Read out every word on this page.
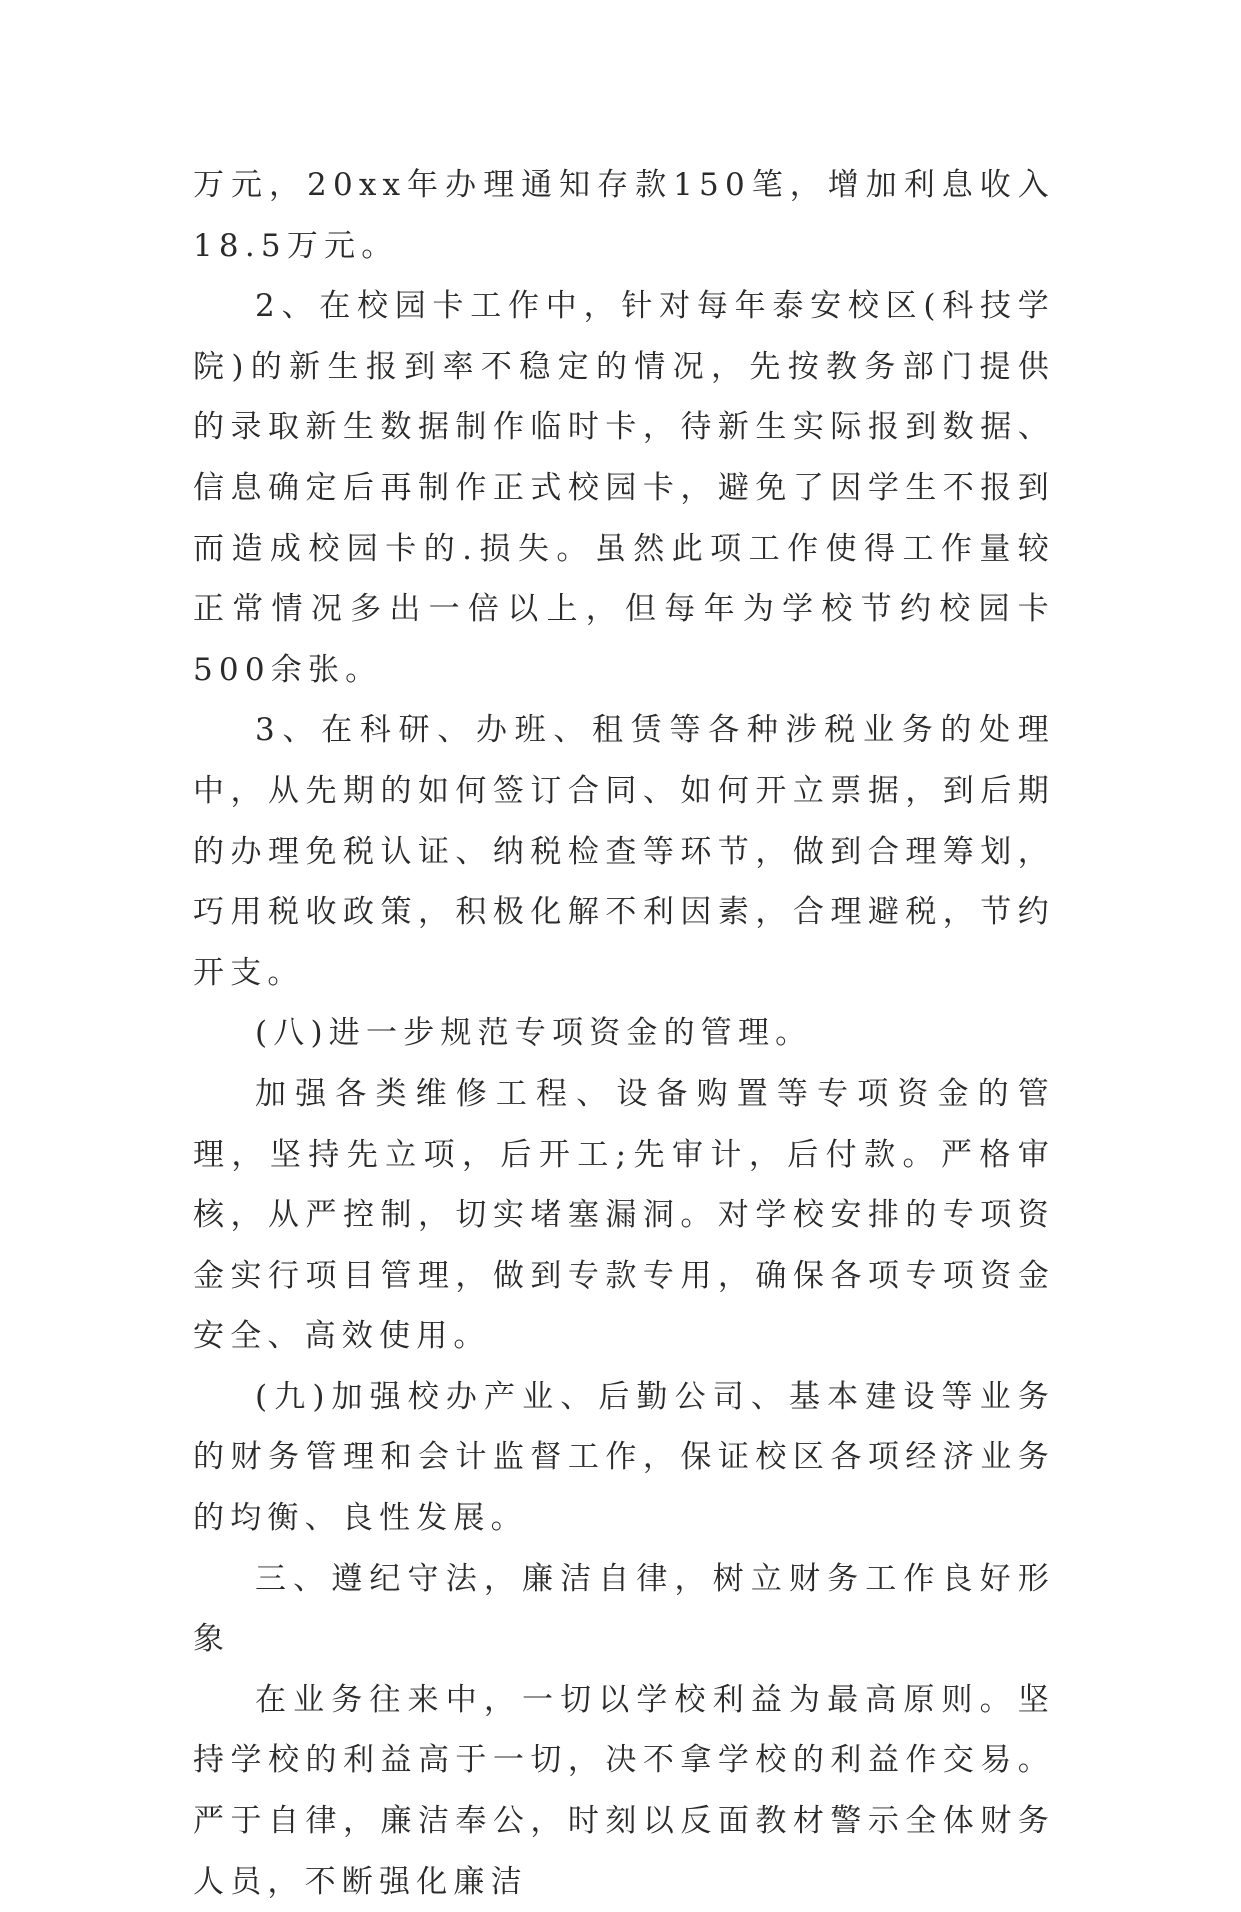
万元，20xx年办理通知存款150笔，增加利息收入18.5万元。

2、在校园卡工作中，针对每年泰安校区(科技学院)的新生报到率不稳定的情况，先按教务部门提供的录取新生数据制作临时卡，待新生实际报到数据、信息确定后再制作正式校园卡，避免了因学生不报到而造成校园卡的.损失。虽然此项工作使得工作量较正常情况多出一倍以上，但每年为学校节约校园卡500余张。

3、在科研、办班、租赁等各种涉税业务的处理中，从先期的如何签订合同、如何开立票据，到后期的办理免税认证、纳税检查等环节，做到合理筹划，巧用税收政策，积极化解不利因素，合理避税，节约开支。

(八)进一步规范专项资金的管理。

加强各类维修工程、设备购置等专项资金的管理，坚持先立项，后开工;先审计，后付款。严格审核，从严控制，切实堵塞漏洞。对学校安排的专项资金实行项目管理，做到专款专用，确保各项专项资金安全、高效使用。

(九)加强校办产业、后勤公司、基本建设等业务的财务管理和会计监督工作，保证校区各项经济业务的均衡、良性发展。

三、遵纪守法，廉洁自律，树立财务工作良好形象

在业务往来中，一切以学校利益为最高原则。坚持学校的利益高于一切，决不拿学校的利益作交易。严于自律，廉洁奉公，时刻以反面教材警示全体财务人员，不断强化廉洁
